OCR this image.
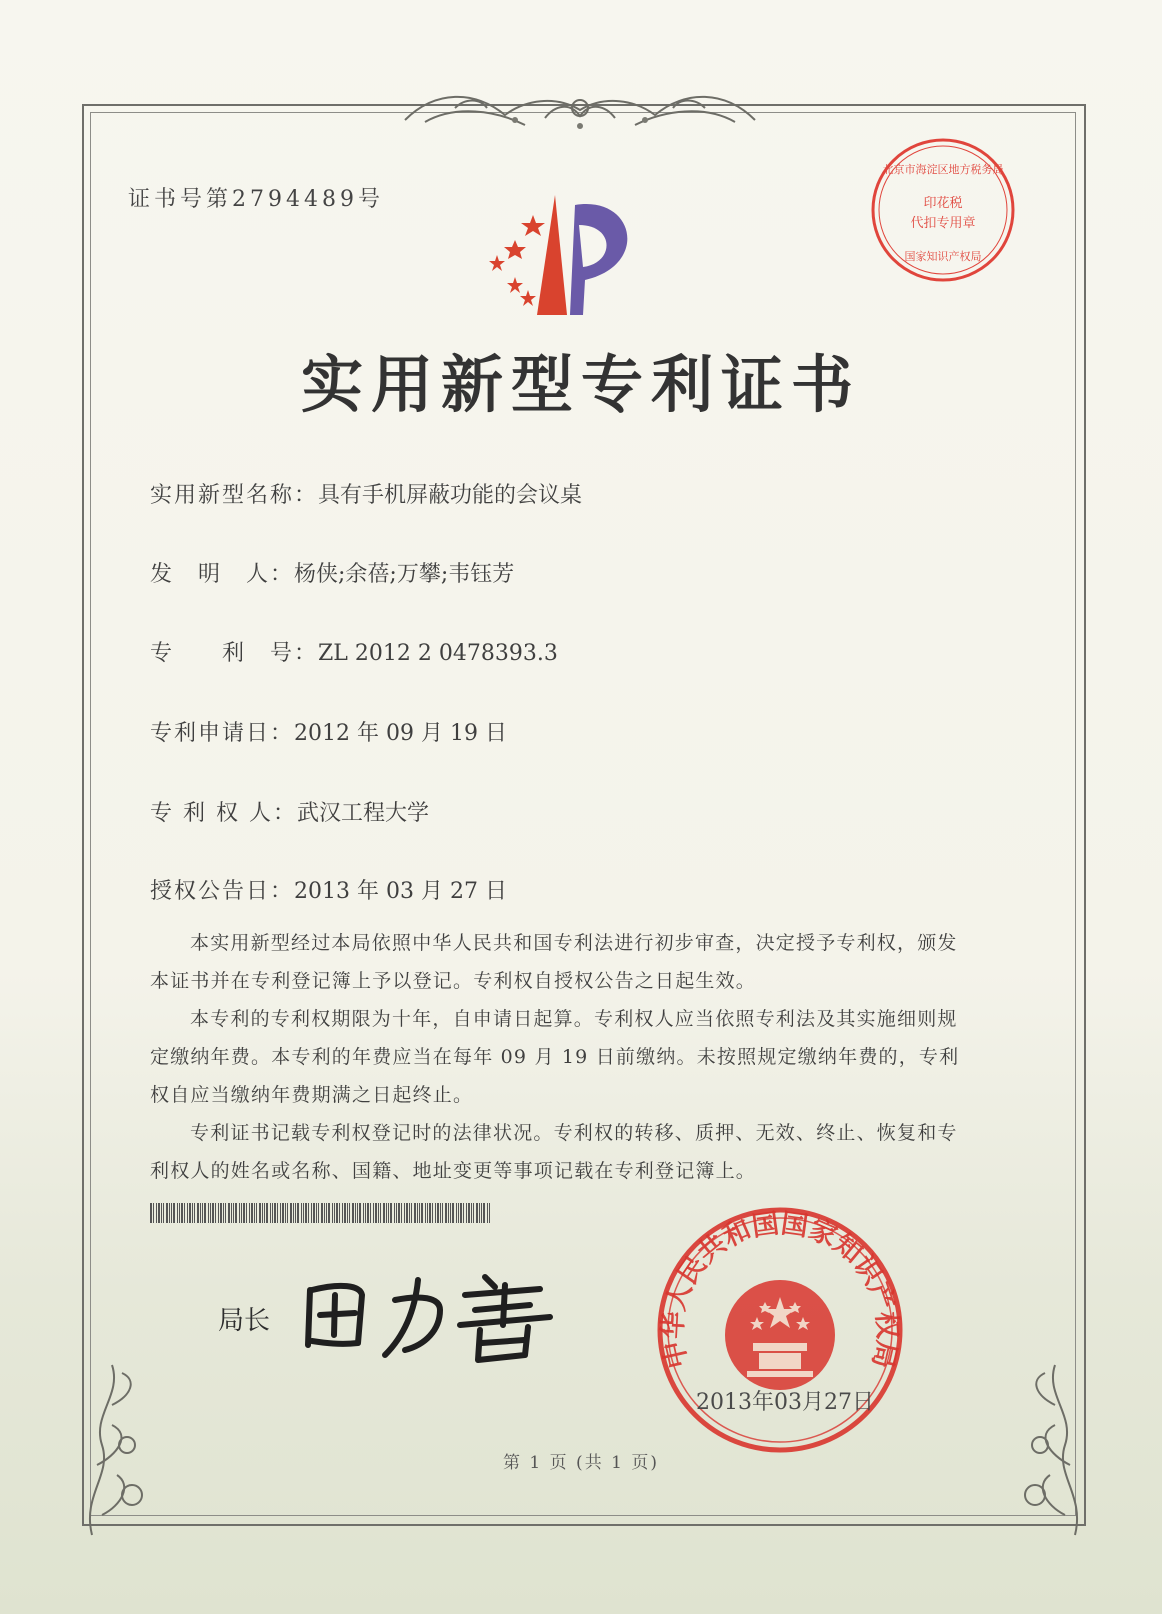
证书号第2794489号
北京市海淀区地方税务局
印花税
代扣专用章
国家知识产权局
实用新型专利证书
实用新型名称：具有手机屏蔽功能的会议桌
发　明　人：杨侠;余蓓;万攀;韦钰芳
专　　利　号：ZL 2012 2 0478393.3
专利申请日：2012 年 09 月 19 日
专 利 权 人：武汉工程大学
授权公告日：2013 年 03 月 27 日

本实用新型经过本局依照中华人民共和国专利法进行初步审查，决定授予专利权，颁发本证书并在专利登记簿上予以登记。专利权自授权公告之日起生效。

本专利的专利权期限为十年，自申请日起算。专利权人应当依照专利法及其实施细则规定缴纳年费。本专利的年费应当在每年 09 月 19 日前缴纳。未按照规定缴纳年费的，专利权自应当缴纳年费期满之日起终止。

专利证书记载专利权登记时的法律状况。专利权的转移、质押、无效、终止、恢复和专利权人的姓名或名称、国籍、地址变更等事项记载在专利登记簿上。

局长
中华人民共和国国家知识产权局
2013年03月27日
第 1 页 (共 1 页)
